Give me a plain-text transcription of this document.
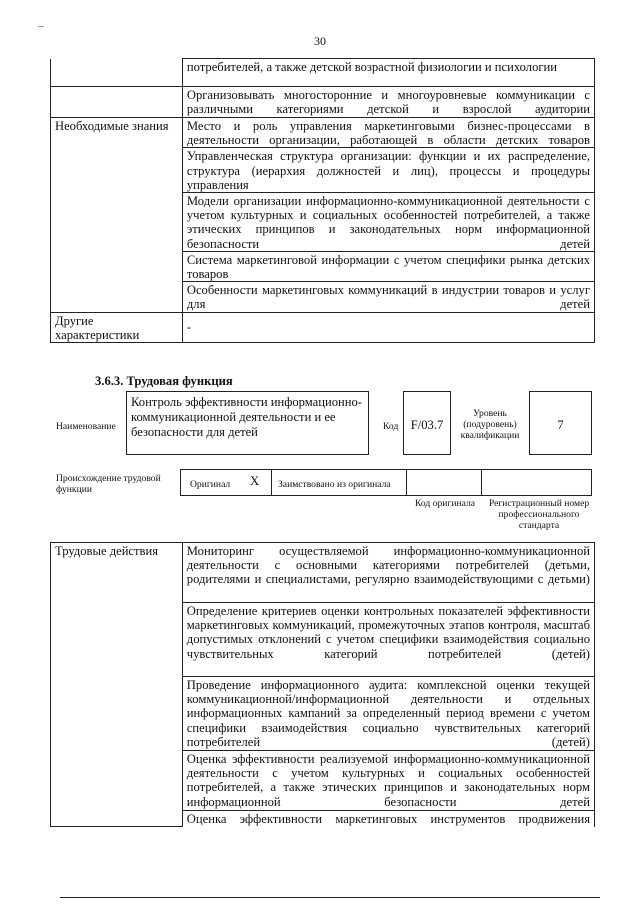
–
30
	потребителей, а также детской возрастной физиологии и психологии
	Организовывать многосторонние и многоуровневые коммуникации с различными категориями детской и взрослой аудитории
Необходимые знания	Место и роль управления маркетинговыми бизнес-процессами в деятельности организации, работающей в области детских товаров
	Управленческая структура организации: функции и их распределение, структура (иерархия должностей и лиц), процессы и процедуры управления
	Модели организации информационно-коммуникационной деятельности с учетом культурных и социальных особенностей потребителей, а также этических принципов и законодательных норм информационной безопасности детей
	Система маркетинговой информации с учетом специфики рынка детских товаров
	Особенности маркетинговых коммуникаций в индустрии товаров и услуг для детей
Другие характеристики	-
3.6.3. Трудовая функция
Наименование
Контроль эффективности информационно-коммуникационной деятельности и ее безопасности для детей	Код F/03.7
Уровень (подуровень) квалификации
7
Происхождение трудовой функции	Оригинал	X	Заимствовано из оригинала
Код оригинала	Регистрационный номер профессионального стандарта
Трудовые действия	Мониторинг осуществляемой информационно-коммуникационной деятельности с основными категориями потребителей (детьми, родителями и специалистами, регулярно взаимодействующими с детьми)
Определение критериев оценки контрольных показателей эффективности маркетинговых коммуникаций, промежуточных этапов контроля, масштаб допустимых отклонений с учетом специфики взаимодействия социально чувствительных категорий потребителей (детей)
Проведение информационного аудита: комплексной оценки текущей коммуникационной/информационной деятельности и отдельных информационных кампаний за определенный период времени с учетом специфики взаимодействия социально чувствительных категорий потребителей (детей)
Оценка эффективности реализуемой информационно-коммуникационной деятельности с учетом культурных и социальных особенностей потребителей, а также этических принципов и законодательных норм информационной безопасности детей
Оценка эффективности маркетинговых инструментов продвижения
